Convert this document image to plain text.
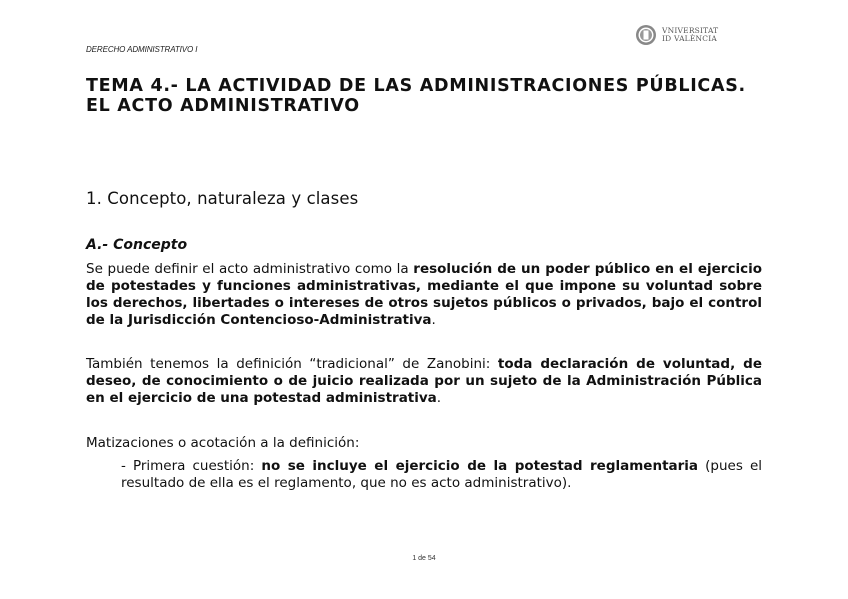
DERECHO ADMINISTRATIVO I
VNIVERSITAT
ID VALÈNCIA
TEMA 4.- LA ACTIVIDAD DE LAS ADMINISTRACIONES PÚBLICAS.
EL ACTO ADMINISTRATIVO
1. Concepto, naturaleza y clases
A.- Concepto

Se puede definir el acto administrativo como la resolución de un poder público en el ejercicio de potestades y funciones administrativas, mediante el que impone su voluntad sobre los derechos, libertades o intereses de otros sujetos públicos o privados, bajo el control de la Jurisdicción Contencioso-Administrativa.

También tenemos la definición “tradicional” de Zanobini: toda declaración de voluntad, de deseo, de conocimiento o de juicio realizada por un sujeto de la Administración Pública en el ejercicio de una potestad administrativa.

Matizaciones o acotación a la definición:

- Primera cuestión: no se incluye el ejercicio de la potestad reglamentaria (pues el resultado de ella es el reglamento, que no es acto administrativo).
1 de 54
